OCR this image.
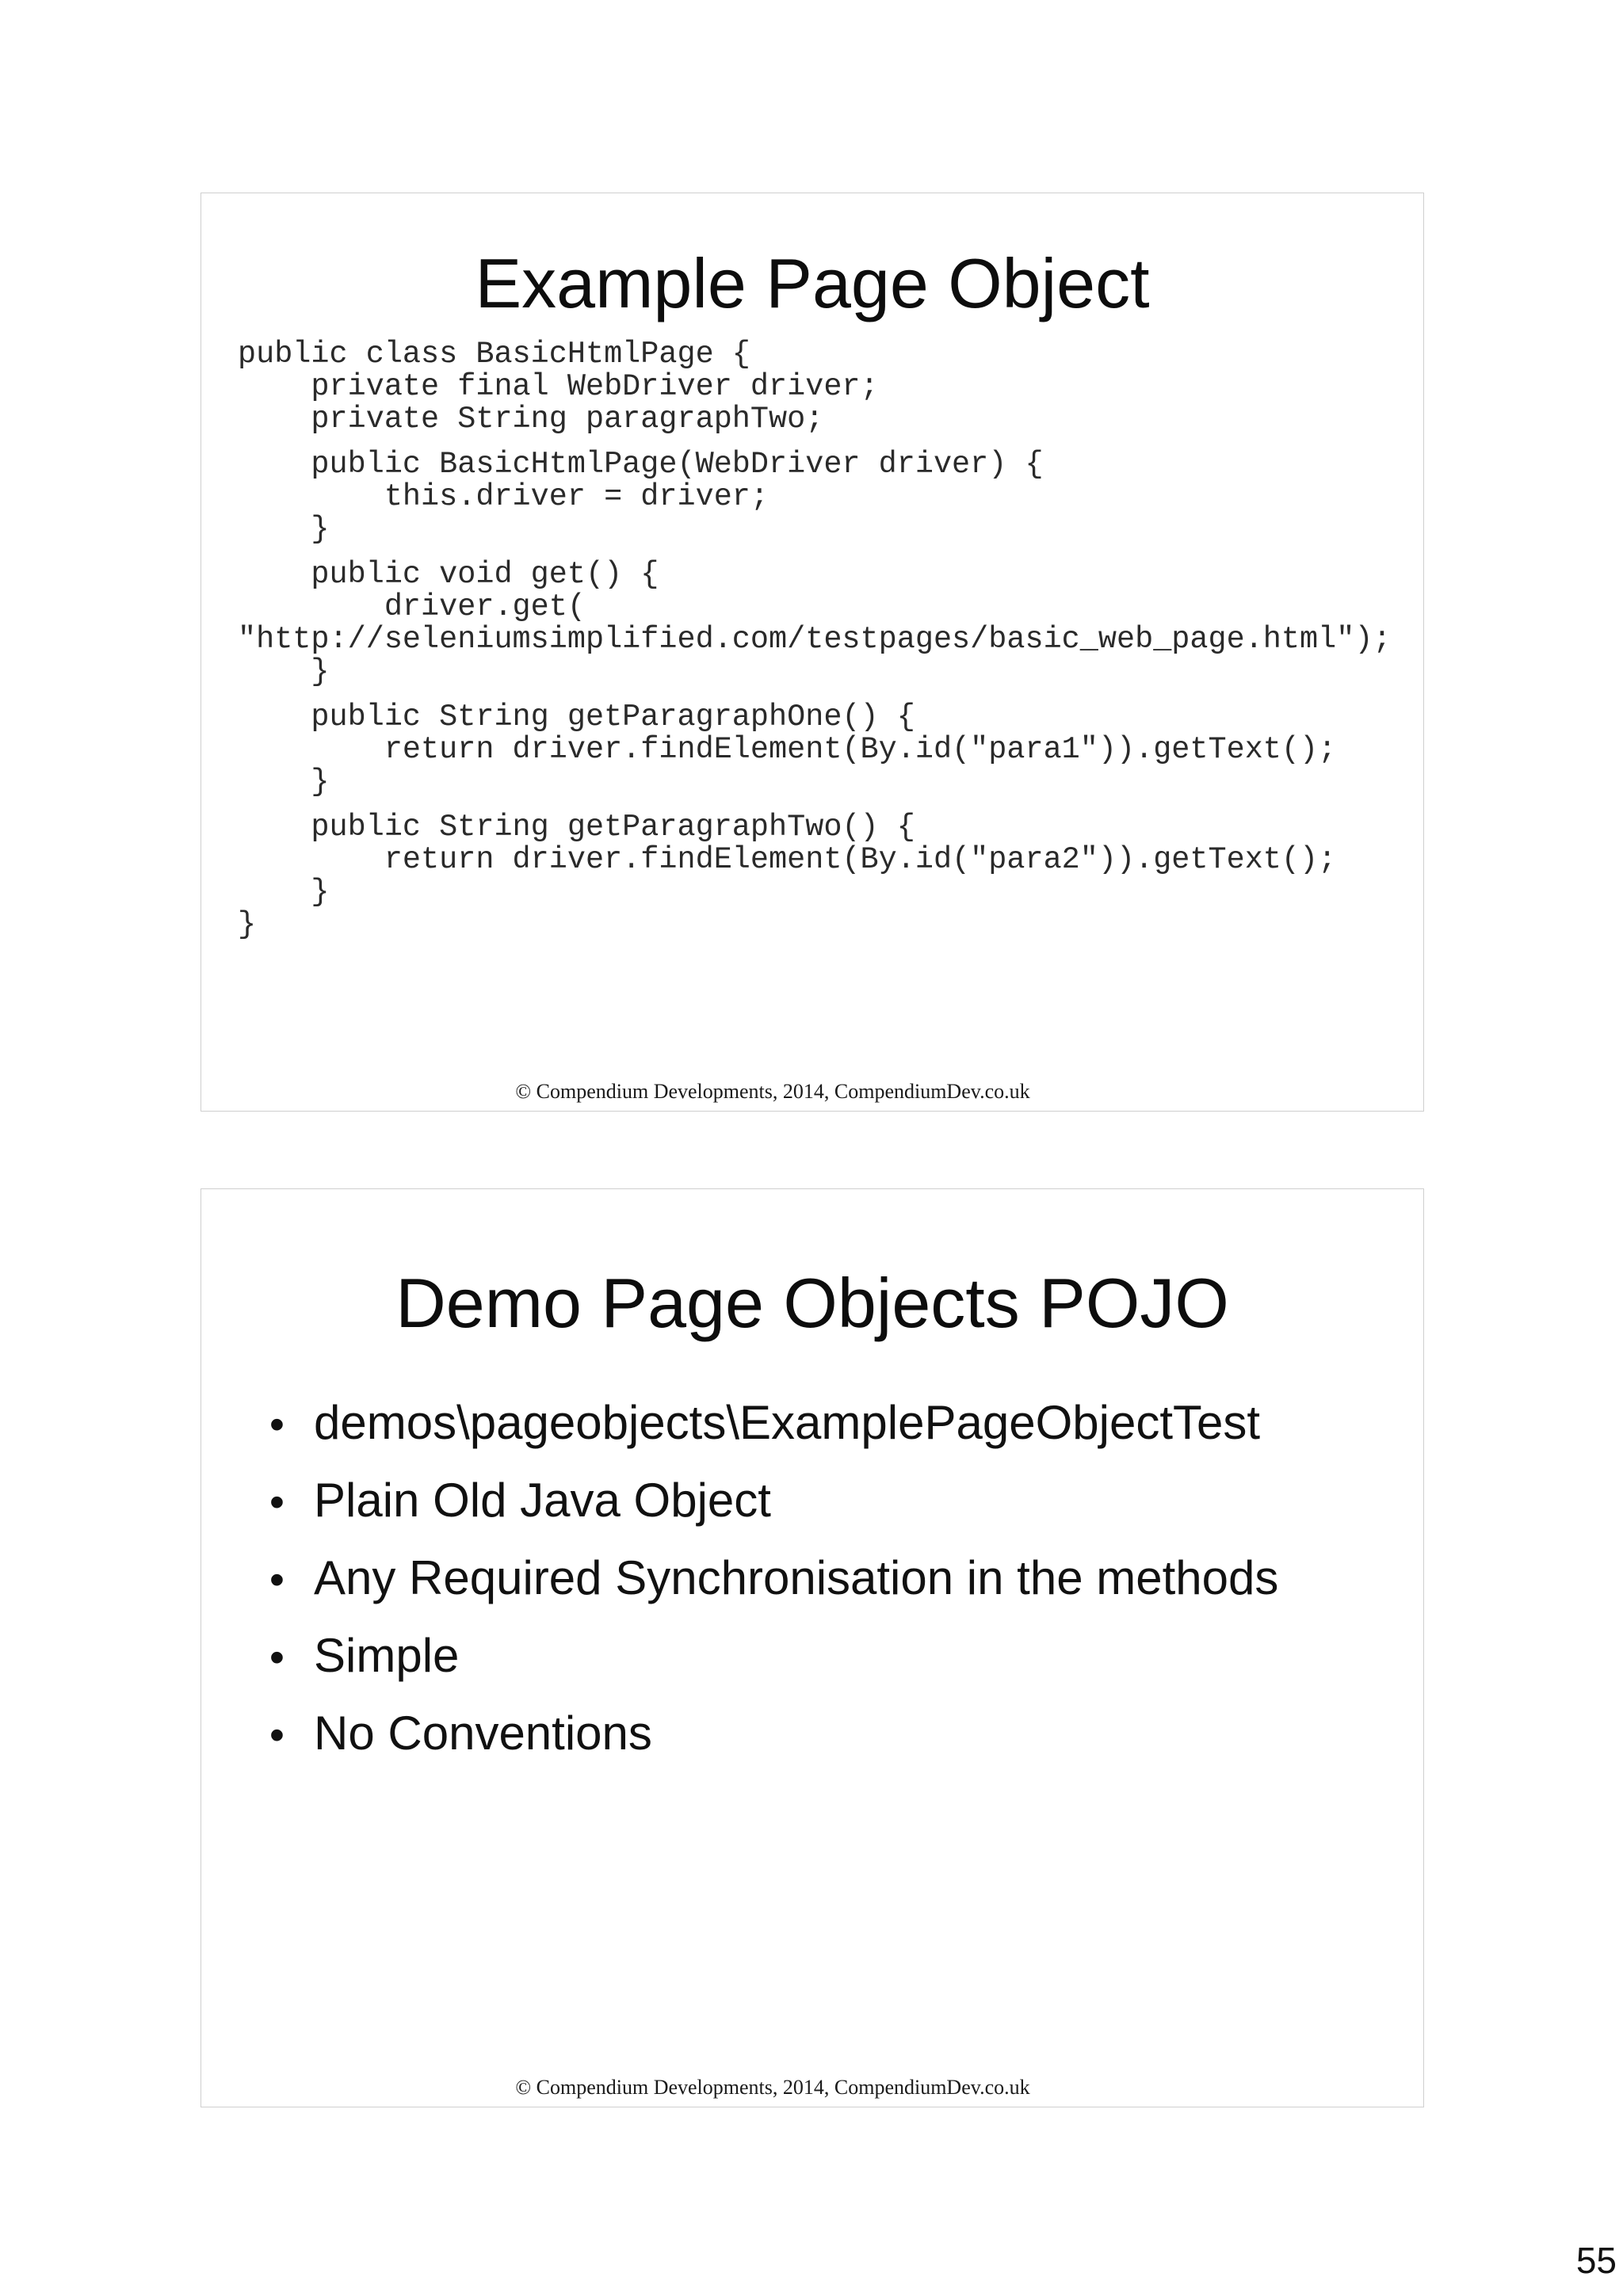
Example Page Object
public class BasicHtmlPage {
private final WebDriver driver;
private String paragraphTwo;
public BasicHtmlPage(WebDriver driver) {
this.driver = driver;
}
public void get() {
driver.get(
"http://seleniumsimplified.com/testpages/basic_web_page.html");
}
public String getParagraphOne() {
return driver.findElement(By.id("para1")).getText();
}
public String getParagraphTwo() {
return driver.findElement(By.id("para2")).getText();
}
}
© Compendium Developments, 2014, CompendiumDev.co.uk
Demo Page Objects POJO
• demos\pageobjects\ExamplePageObjectTest
• Plain Old Java Object
• Any Required Synchronisation in the methods
• Simple
• No Conventions
© Compendium Developments, 2014, CompendiumDev.co.uk
55
